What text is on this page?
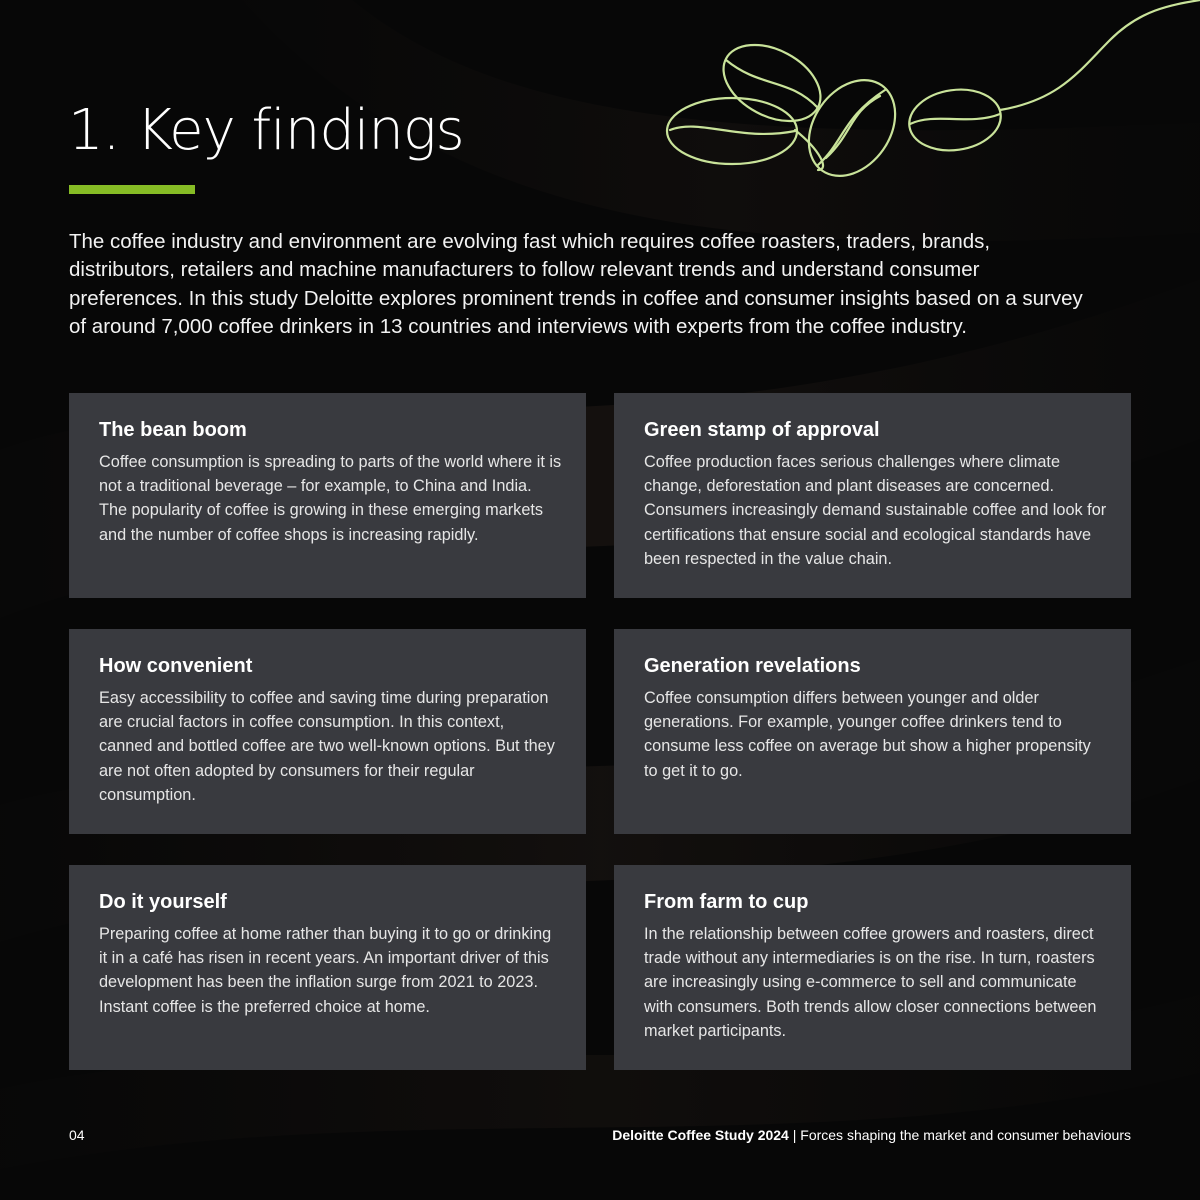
1. Key findings

The coffee industry and environment are evolving fast which requires coffee roasters, traders, brands, distributors, retailers and machine manufacturers to follow relevant trends and understand consumer preferences. In this study Deloitte explores prominent trends in coffee and consumer insights based on a survey of around 7,000 coffee drinkers in 13 countries and interviews with experts from the coffee industry.

The bean boom

Coffee consumption is spreading to parts of the world where it is not a traditional beverage – for example, to China and India. The popularity of coffee is growing in these emerging markets and the number of coffee shops is increasing rapidly.

Green stamp of approval

Coffee production faces serious challenges where climate change, deforestation and plant diseases are concerned. Consumers increasingly demand sustainable coffee and look for certifications that ensure social and ecological standards have been respected in the value chain.

How convenient

Easy accessibility to coffee and saving time during preparation are crucial factors in coffee consumption. In this context, canned and bottled coffee are two well-known options. But they are not often adopted by consumers for their regular consumption.

Generation revelations

Coffee consumption differs between younger and older generations. For example, younger coffee drinkers tend to consume less coffee on average but show a higher propensity to get it to go.

Do it yourself

Preparing coffee at home rather than buying it to go or drinking it in a café has risen in recent years. An important driver of this development has been the inflation surge from 2021 to 2023. Instant coffee is the preferred choice at home.

From farm to cup

In the relationship between coffee growers and roasters, direct trade without any intermediaries is on the rise. In turn, roasters are increasingly using e-commerce to sell and communicate with consumers. Both trends allow closer connections between market participants.

04	Deloitte Coffee Study 2024 | Forces shaping the market and consumer behaviours
